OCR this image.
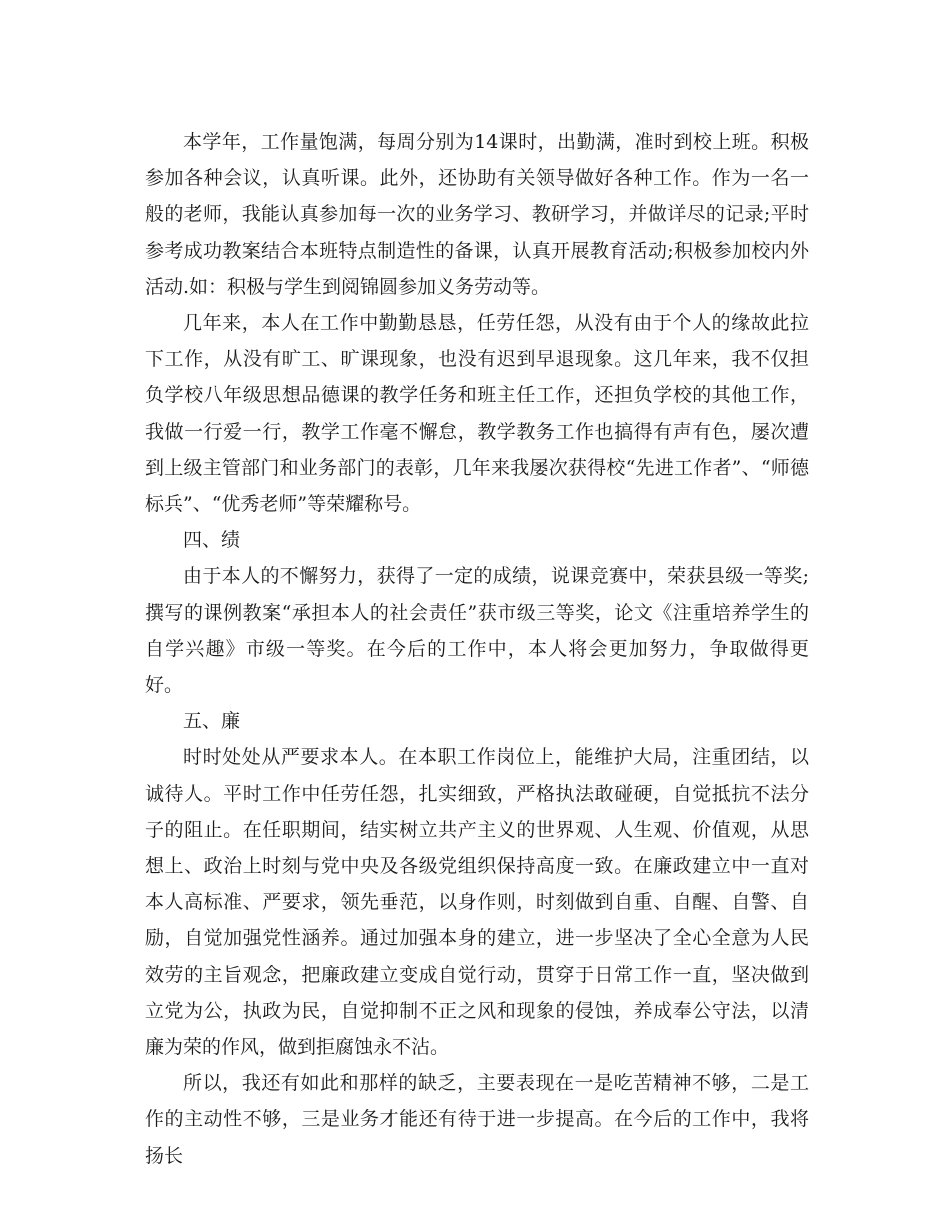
本学年，工作量饱满，每周分别为14课时，出勤满，准时到校上班。积极参加各种会议，认真听课。此外，还协助有关领导做好各种工作。作为一名一般的老师，我能认真参加每一次的业务学习、教研学习，并做详尽的记录;平时参考成功教案结合本班特点制造性的备课，认真开展教育活动;积极参加校内外活动.如：积极与学生到阅锦圆参加义务劳动等。

几年来，本人在工作中勤勤恳恳，任劳任怨，从没有由于个人的缘故此拉下工作，从没有旷工、旷课现象，也没有迟到早退现象。这几年来，我不仅担负学校八年级思想品德课的教学任务和班主任工作，还担负学校的其他工作，我做一行爱一行，教学工作毫不懈怠，教学教务工作也搞得有声有色，屡次遭到上级主管部门和业务部门的表彰，几年来我屡次获得校“先进工作者”、“师德标兵”、“优秀老师”等荣耀称号。

四、绩

由于本人的不懈努力，获得了一定的成绩，说课竞赛中，荣获县级一等奖;撰写的课例教案“承担本人的社会责任”获市级三等奖，论文《注重培养学生的自学兴趣》市级一等奖。在今后的工作中，本人将会更加努力，争取做得更好。

五、廉

时时处处从严要求本人。在本职工作岗位上，能维护大局，注重团结，以诚待人。平时工作中任劳任怨，扎实细致，严格执法敢碰硬，自觉抵抗不法分子的阻止。在任职期间，结实树立共产主义的世界观、人生观、价值观，从思想上、政治上时刻与党中央及各级党组织保持高度一致。在廉政建立中一直对本人高标准、严要求，领先垂范，以身作则，时刻做到自重、自醒、自警、自励，自觉加强党性涵养。通过加强本身的建立，进一步坚决了全心全意为人民效劳的主旨观念，把廉政建立变成自觉行动，贯穿于日常工作一直，坚决做到立党为公，执政为民，自觉抑制不正之风和现象的侵蚀，养成奉公守法，以清廉为荣的作风，做到拒腐蚀永不沾。

所以，我还有如此和那样的缺乏，主要表现在一是吃苦精神不够，二是工作的主动性不够，三是业务才能还有待于进一步提高。在今后的工作中，我将扬长
